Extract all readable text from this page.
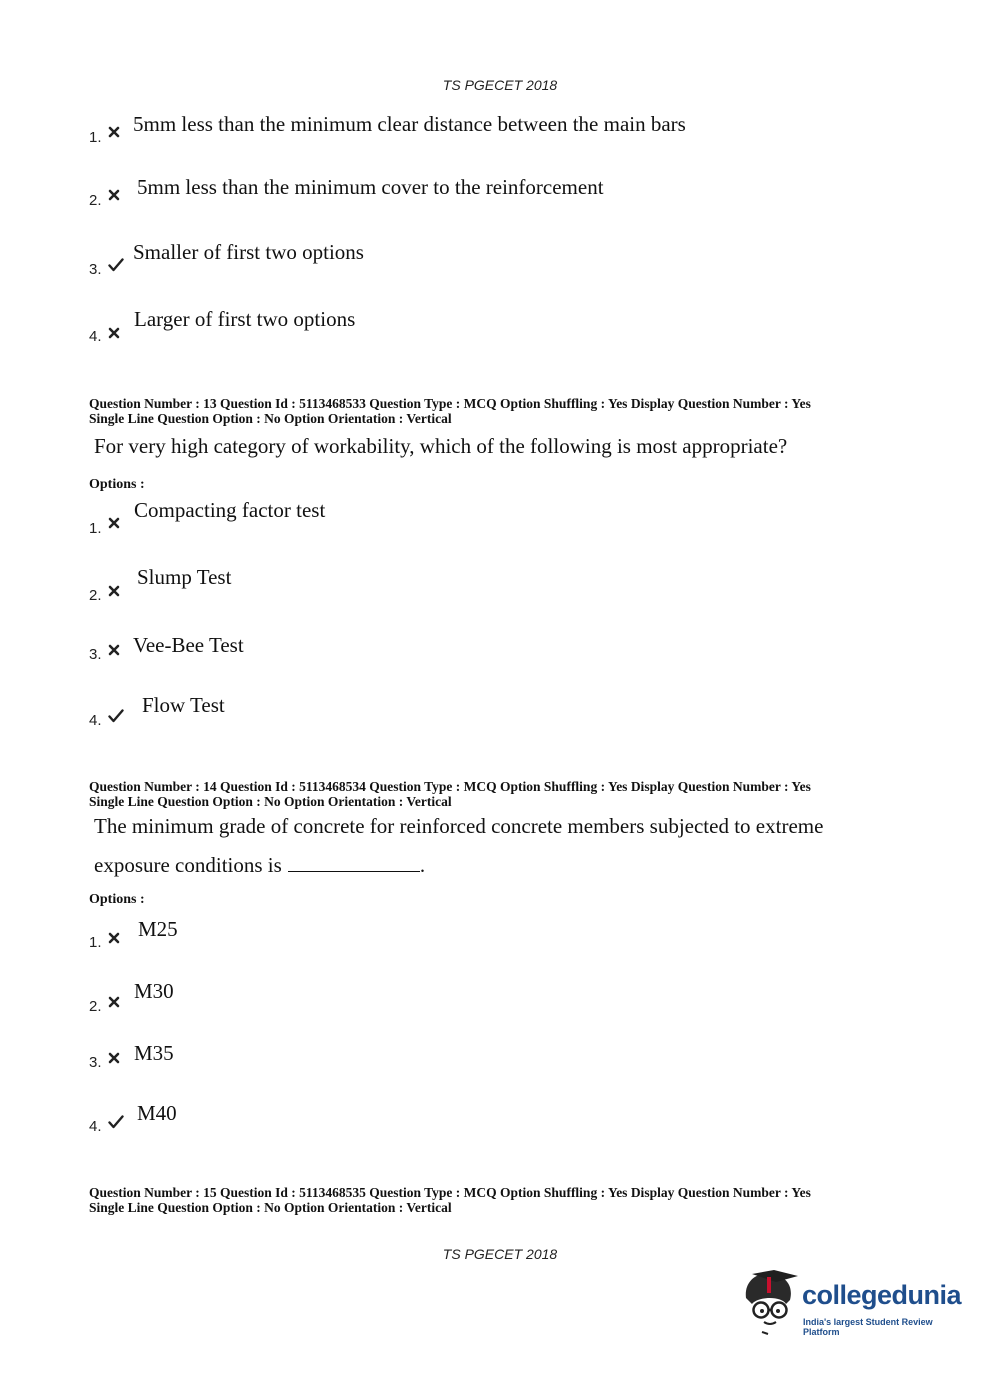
TS PGECET 2018
1.
5mm less than the minimum clear distance between the main bars
2.
5mm less than the minimum cover to the reinforcement
3.
Smaller of first two options
4.
Larger of first two options
Question Number : 13 Question Id : 5113468533 Question Type : MCQ Option Shuffling : Yes Display Question Number : Yes
Single Line Question Option : No Option Orientation : Vertical
For very high category of workability, which of the following is most appropriate?
Options :
1.
Compacting factor test
2.
Slump Test
3. Vee-Bee Test
4.
Flow Test
Question Number : 14 Question Id : 5113468534 Question Type : MCQ Option Shuffling : Yes Display Question Number : Yes
Single Line Question Option : No Option Orientation : Vertical
The minimum grade of concrete for reinforced concrete members subjected to extreme
exposure conditions is	.
Options :
1.
M25
2.
M30
3. M35
4.
M40
Question Number : 15 Question Id : 5113468535 Question Type : MCQ Option Shuffling : Yes Display Question Number : Yes
Single Line Question Option : No Option Orientation : Vertical
TS PGECET 2018
collegedunia
India's largest Student Review Platform
